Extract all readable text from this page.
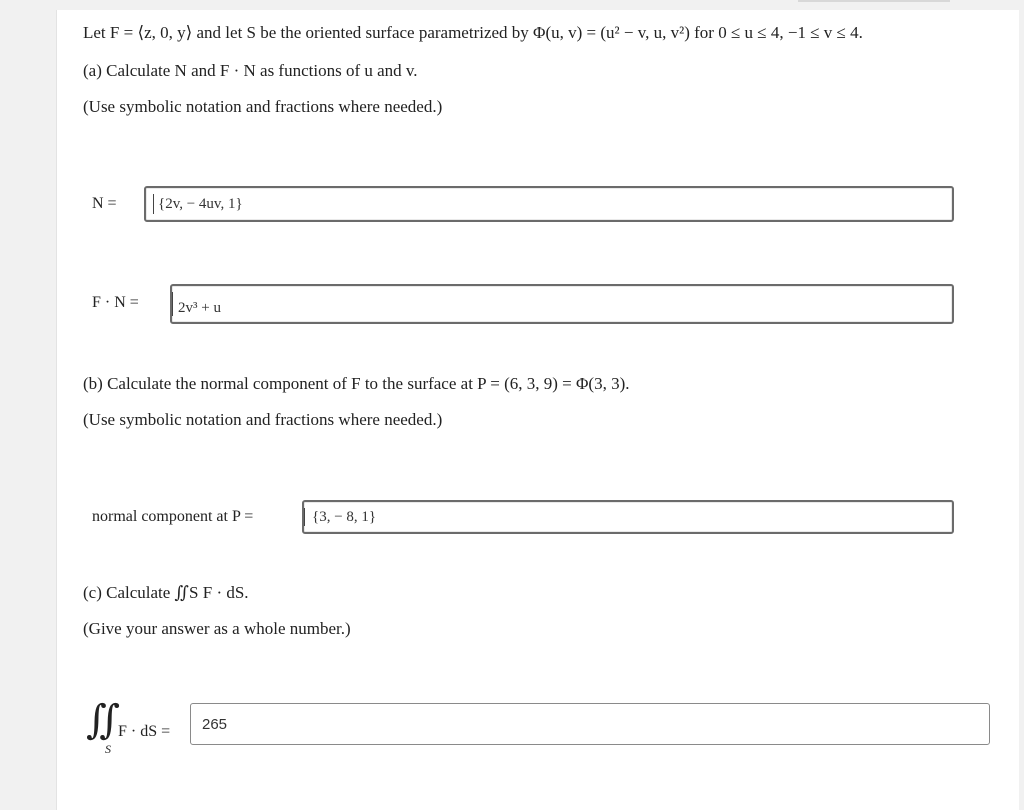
Let F = ⟨z, 0, y⟩ and let S be the oriented surface parametrized by Φ(u, v) = (u² − v, u, v²) for 0 ≤ u ≤ 4, −1 ≤ v ≤ 4.
(a) Calculate N and F · N as functions of u and v.
(Use symbolic notation and fractions where needed.)
N =	{2v, − 4uv, 1}
F · N =	2v³ + u
(b) Calculate the normal component of F to the surface at P = (6, 3, 9) = Φ(3, 3).
(Use symbolic notation and fractions where needed.)
normal component at P =	{3, − 8, 1}
(c) Calculate ∬S F · dS.
(Give your answer as a whole number.)
∬
S
F · dS = 265
